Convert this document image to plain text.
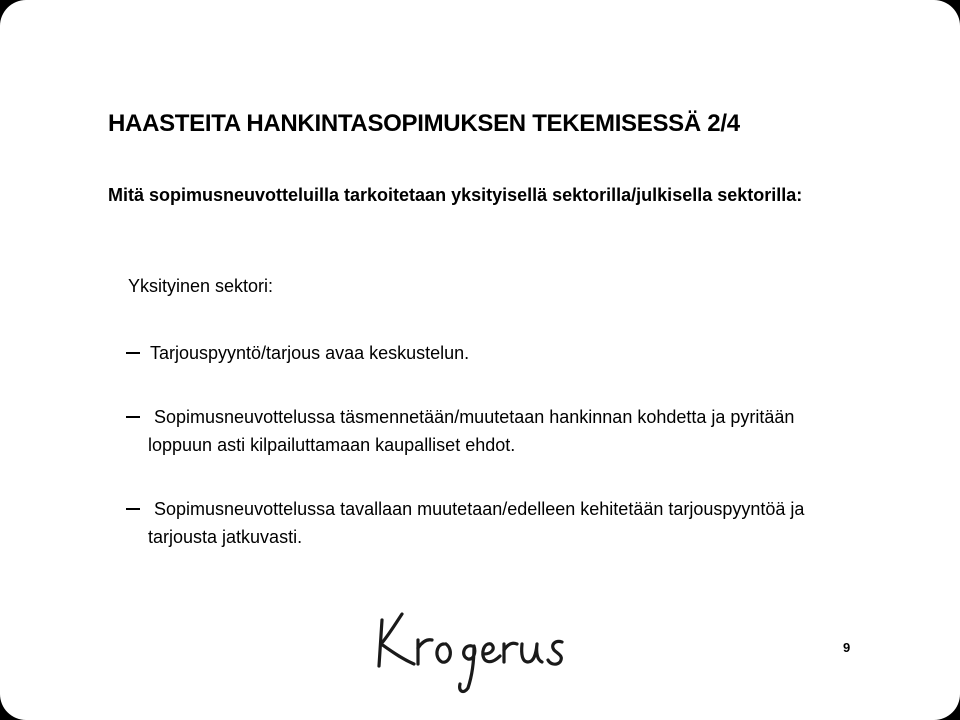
HAASTEITA HANKINTASOPIMUKSEN TEKEMISESSÄ 2/4

Mitä sopimusneuvotteluilla tarkoitetaan yksityisellä sektorilla/julkisella sektorilla:

Yksityinen sektori:

Tarjouspyyntö/tarjous avaa keskustelun.
Sopimusneuvottelussa täsmennetään/muutetaan hankinnan kohdetta ja pyritään loppuun asti kilpailuttamaan kaupalliset ehdot.
Sopimusneuvottelussa tavallaan muutetaan/edelleen kehitetään tarjouspyyntöä ja tarjousta jatkuvasti.
9
